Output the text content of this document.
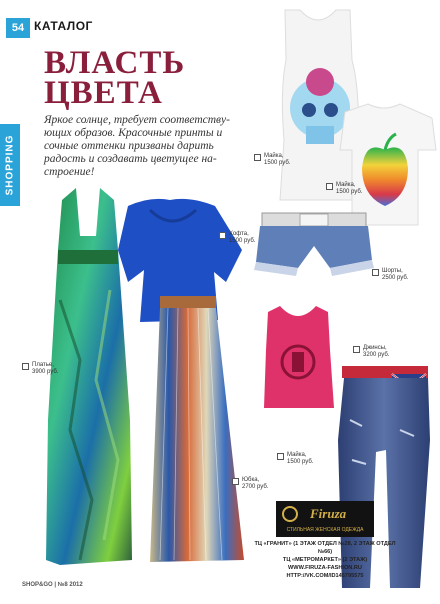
54 КАТАЛОГ
ВЛАСТЬ
ЦВЕТА
SHOPPING
Яркое солнце, требует соответству-
ющих образов. Красочные принты и
сочные оттенки призваны дарить
радость и создавать цветущее на-
строение!
Майка,
1500 руб.
Майка,
1500 руб.
Шорты,
2500 руб.
Хофта,
1500 руб.
Платье,
3900 руб.
Джинсы,
3200 руб.
Майка,
1500 руб.
Юбка,
2700 руб.
Firuza
СТИЛЬНАЯ ЖЕНСКАЯ ОДЕЖДА
ТЦ «ГРАНИТ» (1 ЭТАЖ ОТДЕЛ №28, 2 ЭТАЖ ОТДЕЛ №66)
ТЦ «МЕТРОМАРКЕТ» (2 ЭТАЖ)
WWW.FIRUZA-FASHION.RU
HTTP://VK.COM/ID145795575
SHOP&GO | №8 2012
